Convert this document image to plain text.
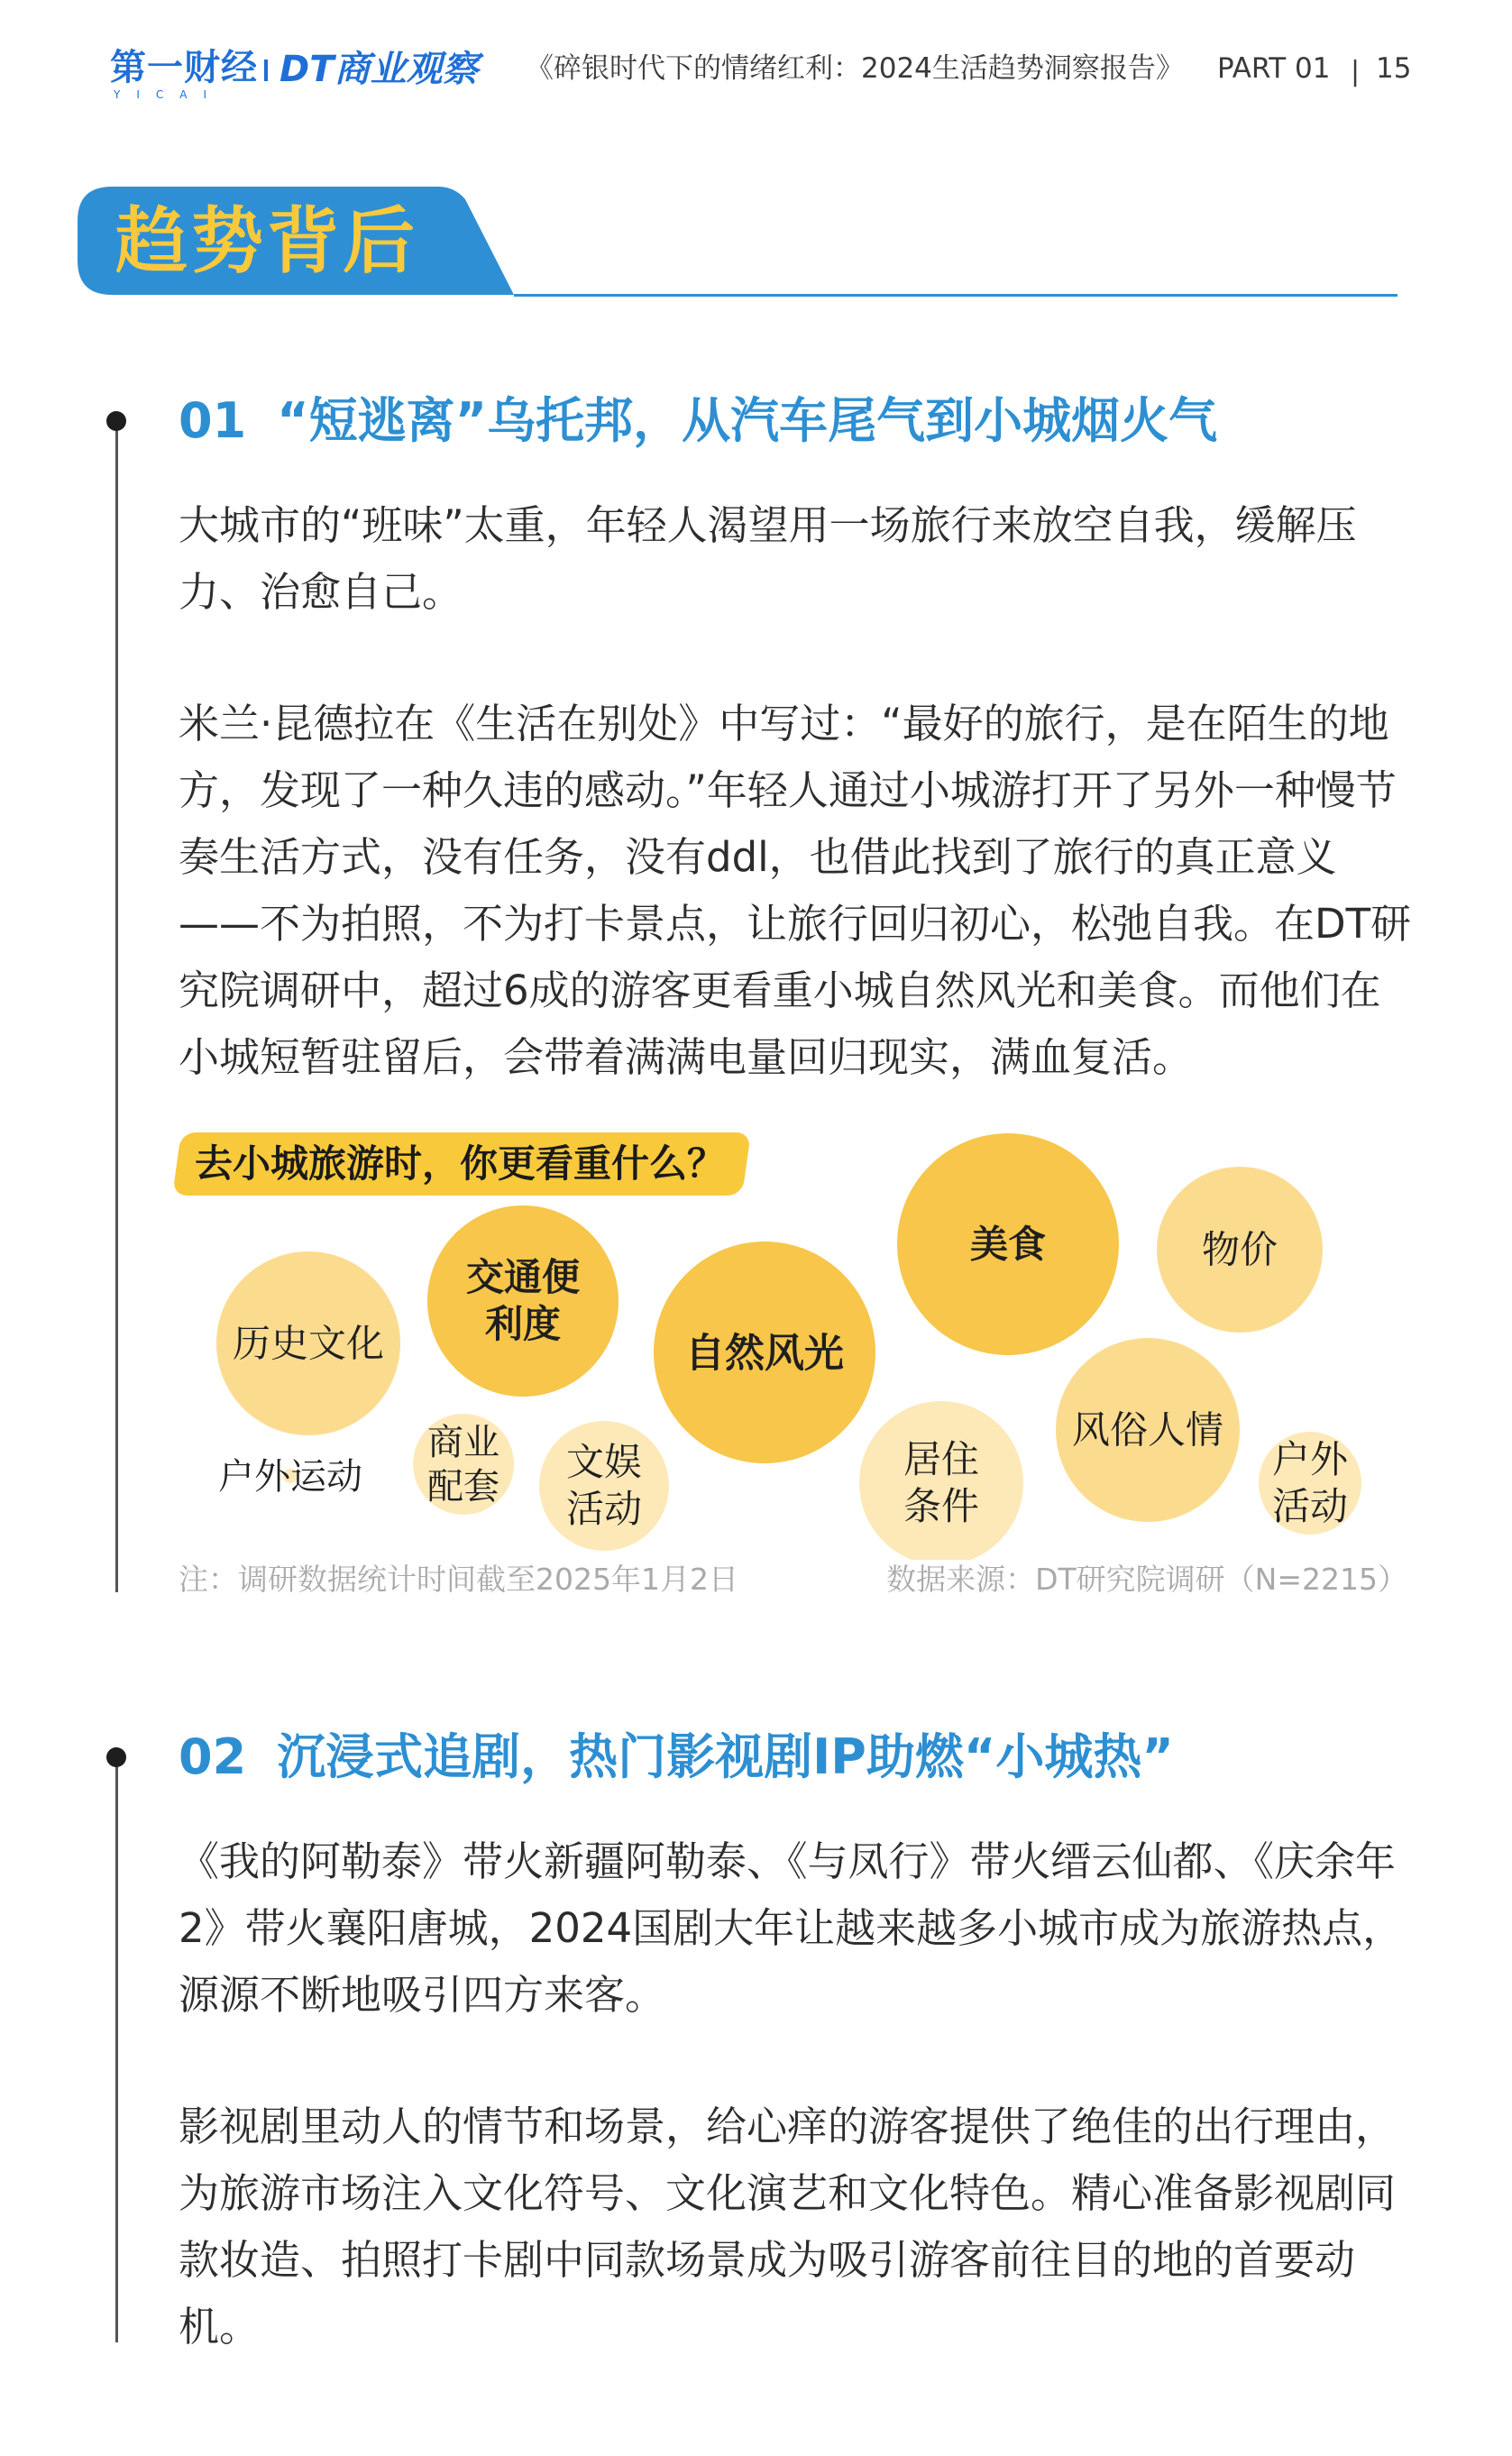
第一财经
YICAI
DT商业观察 《碎银时代下的情绪红利：2024生活趋势洞察报告》 PART 01 | 15
趋势背后
01 “短逃离”乌托邦，从汽车尾气到小城烟火气

大城市的“班味”太重，年轻人渴望用一场旅行来放空自我，缓解压力、治愈自己。

米兰·昆德拉在《生活在别处》中写过：“最好的旅行，是在陌生的地方，发现了一种久违的感动。”年轻人通过小城游打开了另外一种慢节奏生活方式，没有任务，没有ddl，也借此找到了旅行的真正意义——不为拍照，不为打卡景点，让旅行回归初心，松弛自我。在DT研究院调研中，超过6成的游客更看重小城自然风光和美食。而他们在小城短暂驻留后，会带着满满电量回归现实，满血复活。

去小城旅游时，你更看重什么？
自然风光
美食
交通便利度
历史文化
风俗人情
物价
居住条件
文娱活动
户外活动
商业配套
户外运动
注：调研数据统计时间截至2025年1月2日	数据来源：DT研究院调研（N=2215）
02 沉浸式追剧，热门影视剧IP助燃“小城热”

《我的阿勒泰》带火新疆阿勒泰、《与凤行》带火缙云仙都、《庆余年2》带火襄阳唐城，2024国剧大年让越来越多小城市成为旅游热点，源源不断地吸引四方来客。

影视剧里动人的情节和场景，给心痒的游客提供了绝佳的出行理由，为旅游市场注入文化符号、文化演艺和文化特色。精心准备影视剧同款妆造、拍照打卡剧中同款场景成为吸引游客前往目的地的首要动机。
